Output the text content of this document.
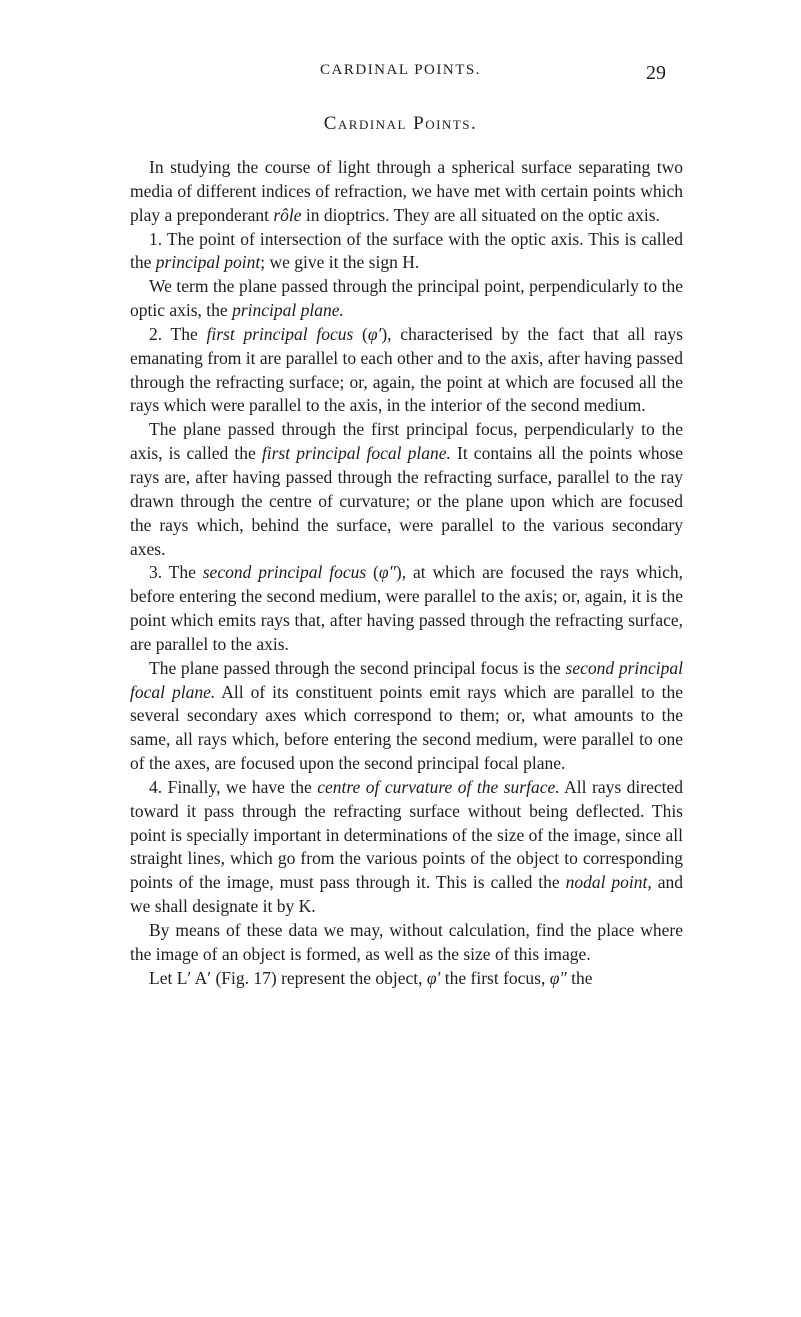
CARDINAL POINTS.	29
Cardinal Points.

In studying the course of light through a spherical surface separating two media of different indices of refraction, we have met with certain points which play a preponderant rôle in dioptrics. They are all situated on the optic axis.

1. The point of intersection of the surface with the optic axis. This is called the principal point; we give it the sign H.

We term the plane passed through the principal point, perpendicularly to the optic axis, the principal plane.

2. The first principal focus (φ′), characterised by the fact that all rays emanating from it are parallel to each other and to the axis, after having passed through the refracting surface; or, again, the point at which are focused all the rays which were parallel to the axis, in the interior of the second medium.

The plane passed through the first principal focus, perpendicularly to the axis, is called the first principal focal plane. It contains all the points whose rays are, after having passed through the refracting surface, parallel to the ray drawn through the centre of curvature; or the plane upon which are focused the rays which, behind the surface, were parallel to the various secondary axes.

3. The second principal focus (φ″), at which are focused the rays which, before entering the second medium, were parallel to the axis; or, again, it is the point which emits rays that, after having passed through the refracting surface, are parallel to the axis.

The plane passed through the second principal focus is the second principal focal plane. All of its constituent points emit rays which are parallel to the several secondary axes which correspond to them; or, what amounts to the same, all rays which, before entering the second medium, were parallel to one of the axes, are focused upon the second principal focal plane.

4. Finally, we have the centre of curvature of the surface. All rays directed toward it pass through the refracting surface without being deflected. This point is specially important in determinations of the size of the image, since all straight lines, which go from the various points of the object to corresponding points of the image, must pass through it. This is called the nodal point, and we shall designate it by K.

By means of these data we may, without calculation, find the place where the image of an object is formed, as well as the size of this image.

Let L′ A′ (Fig. 17) represent the object, φ′ the first focus, φ″ the
